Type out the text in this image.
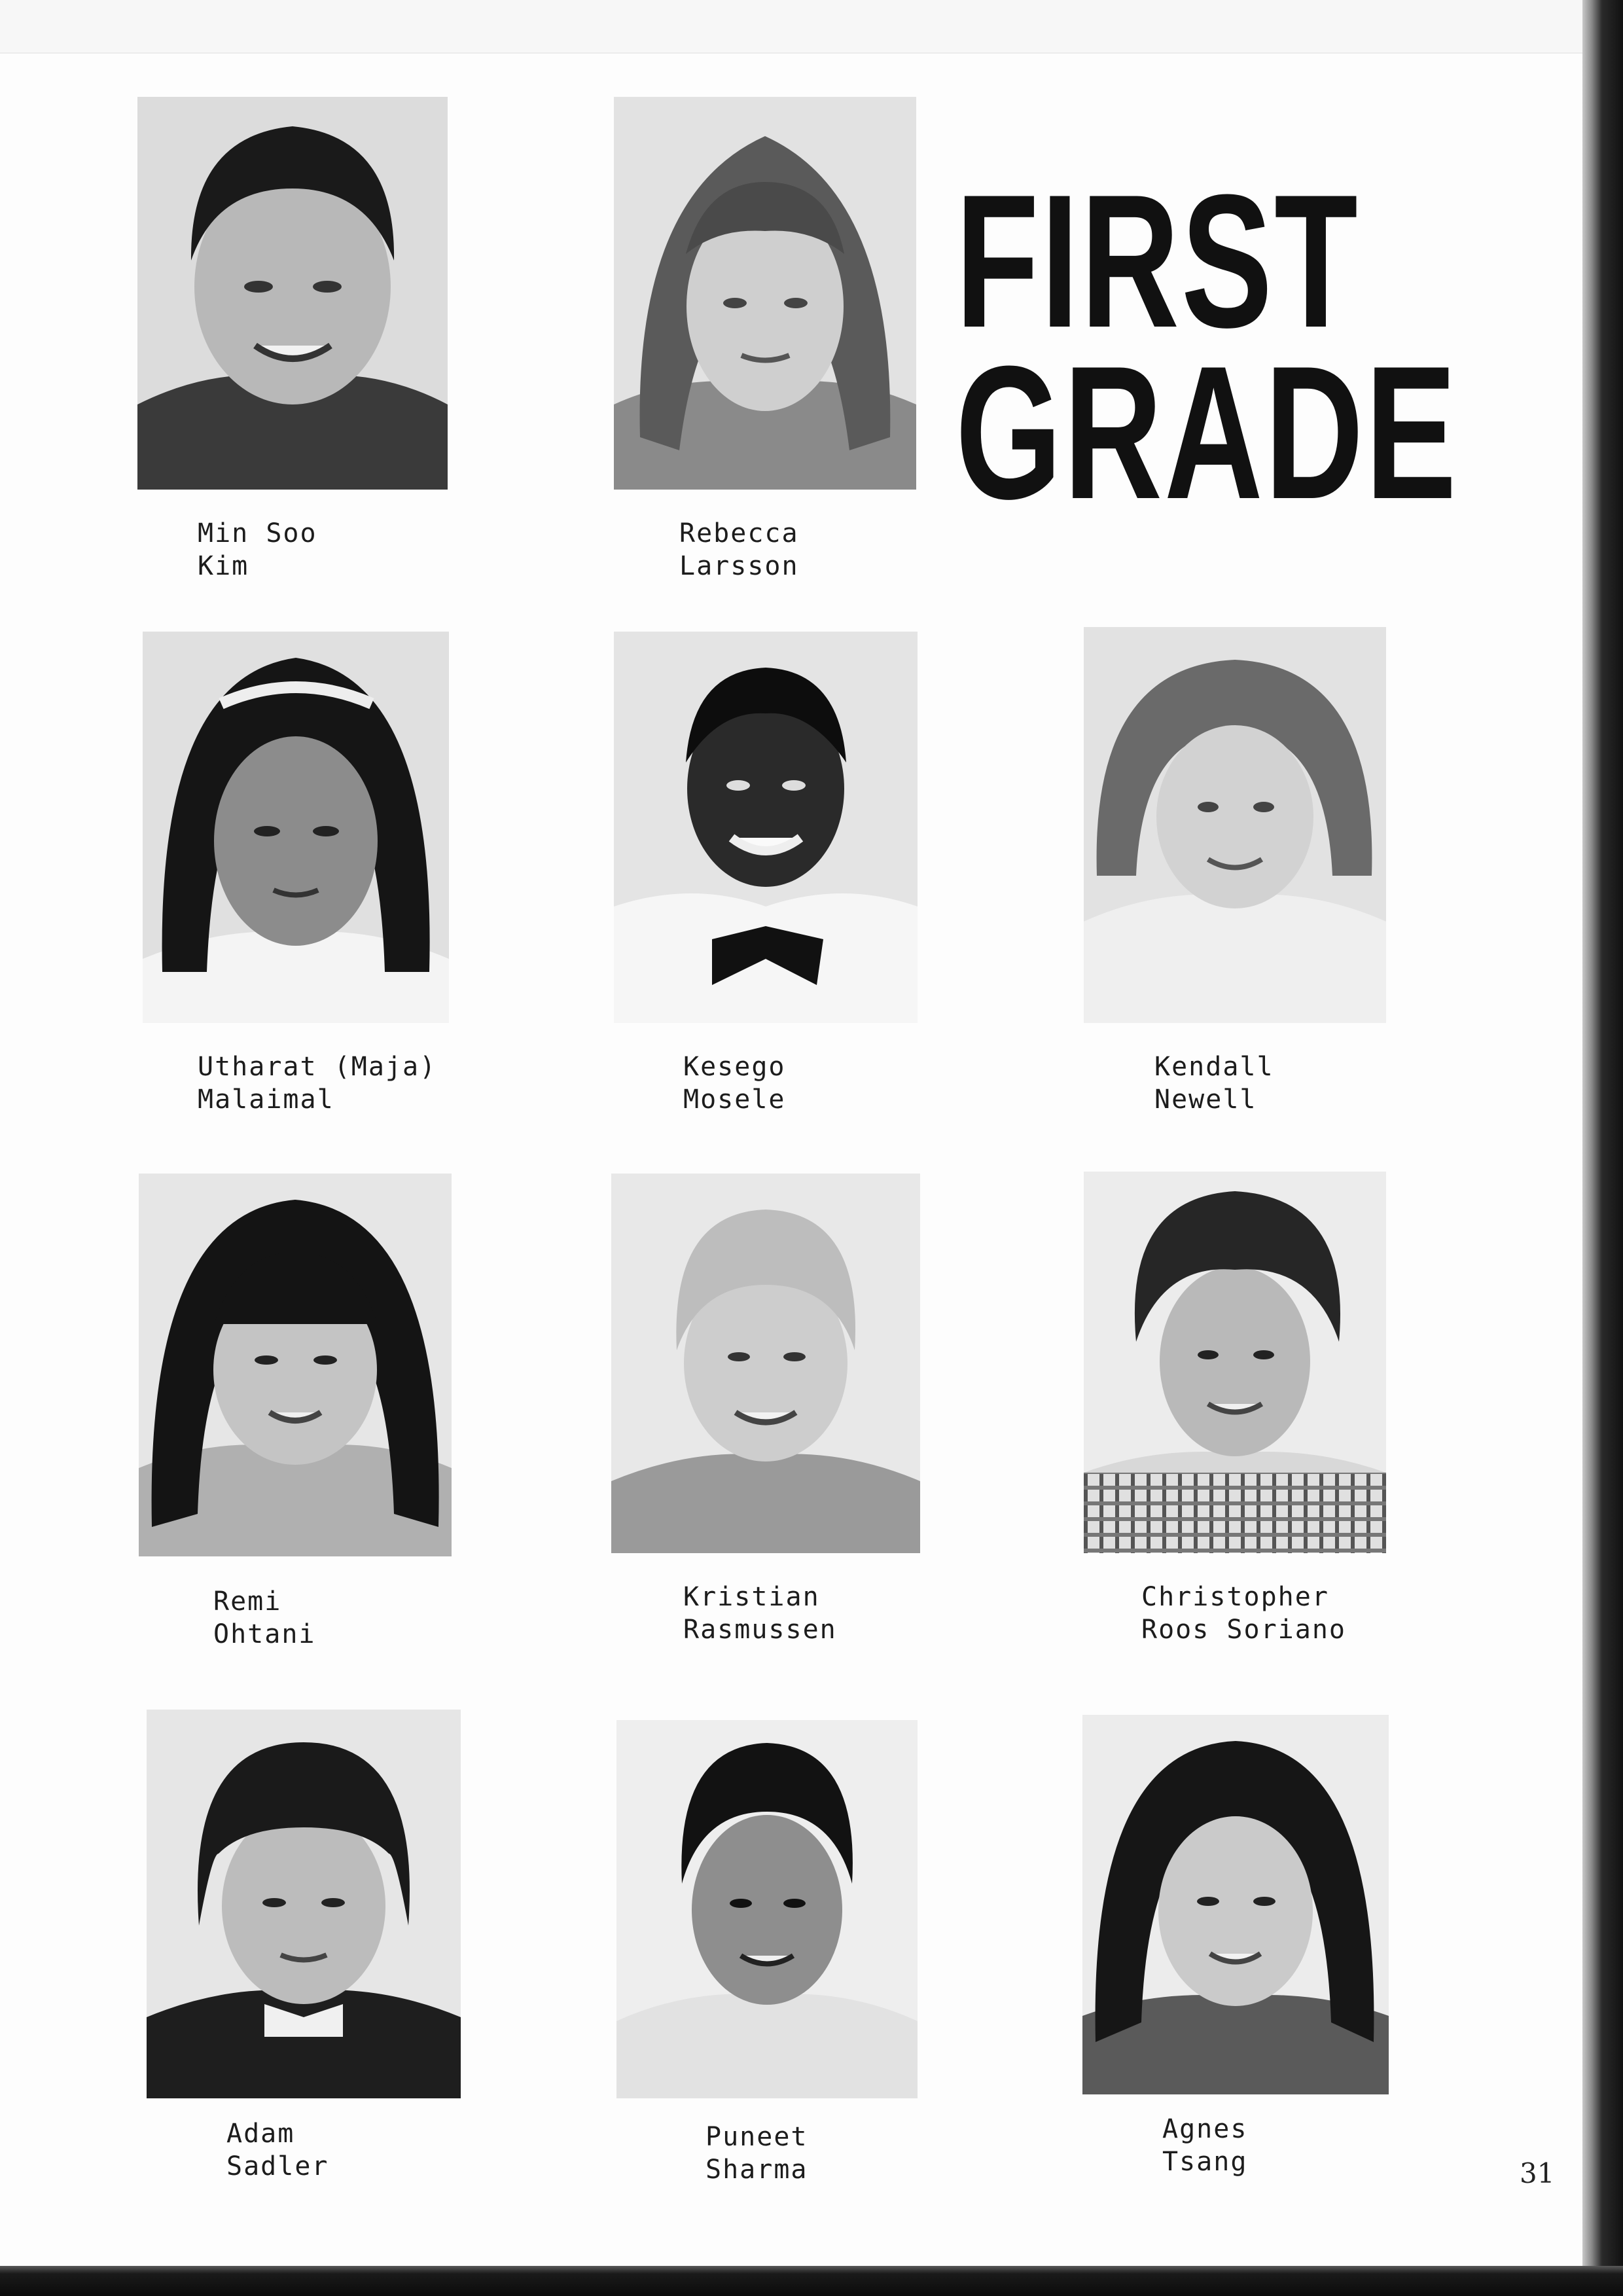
FIRST
GRADE
Min Soo
Kim
Rebecca
Larsson
Utharat (Maja)
Malaimal
Kesego
Mosele
Kendall
Newell
Remi
Ohtani
Kristian
Rasmussen
Christopher
Roos Soriano
Adam
Sadler
Puneet
Sharma
Agnes
Tsang	31
